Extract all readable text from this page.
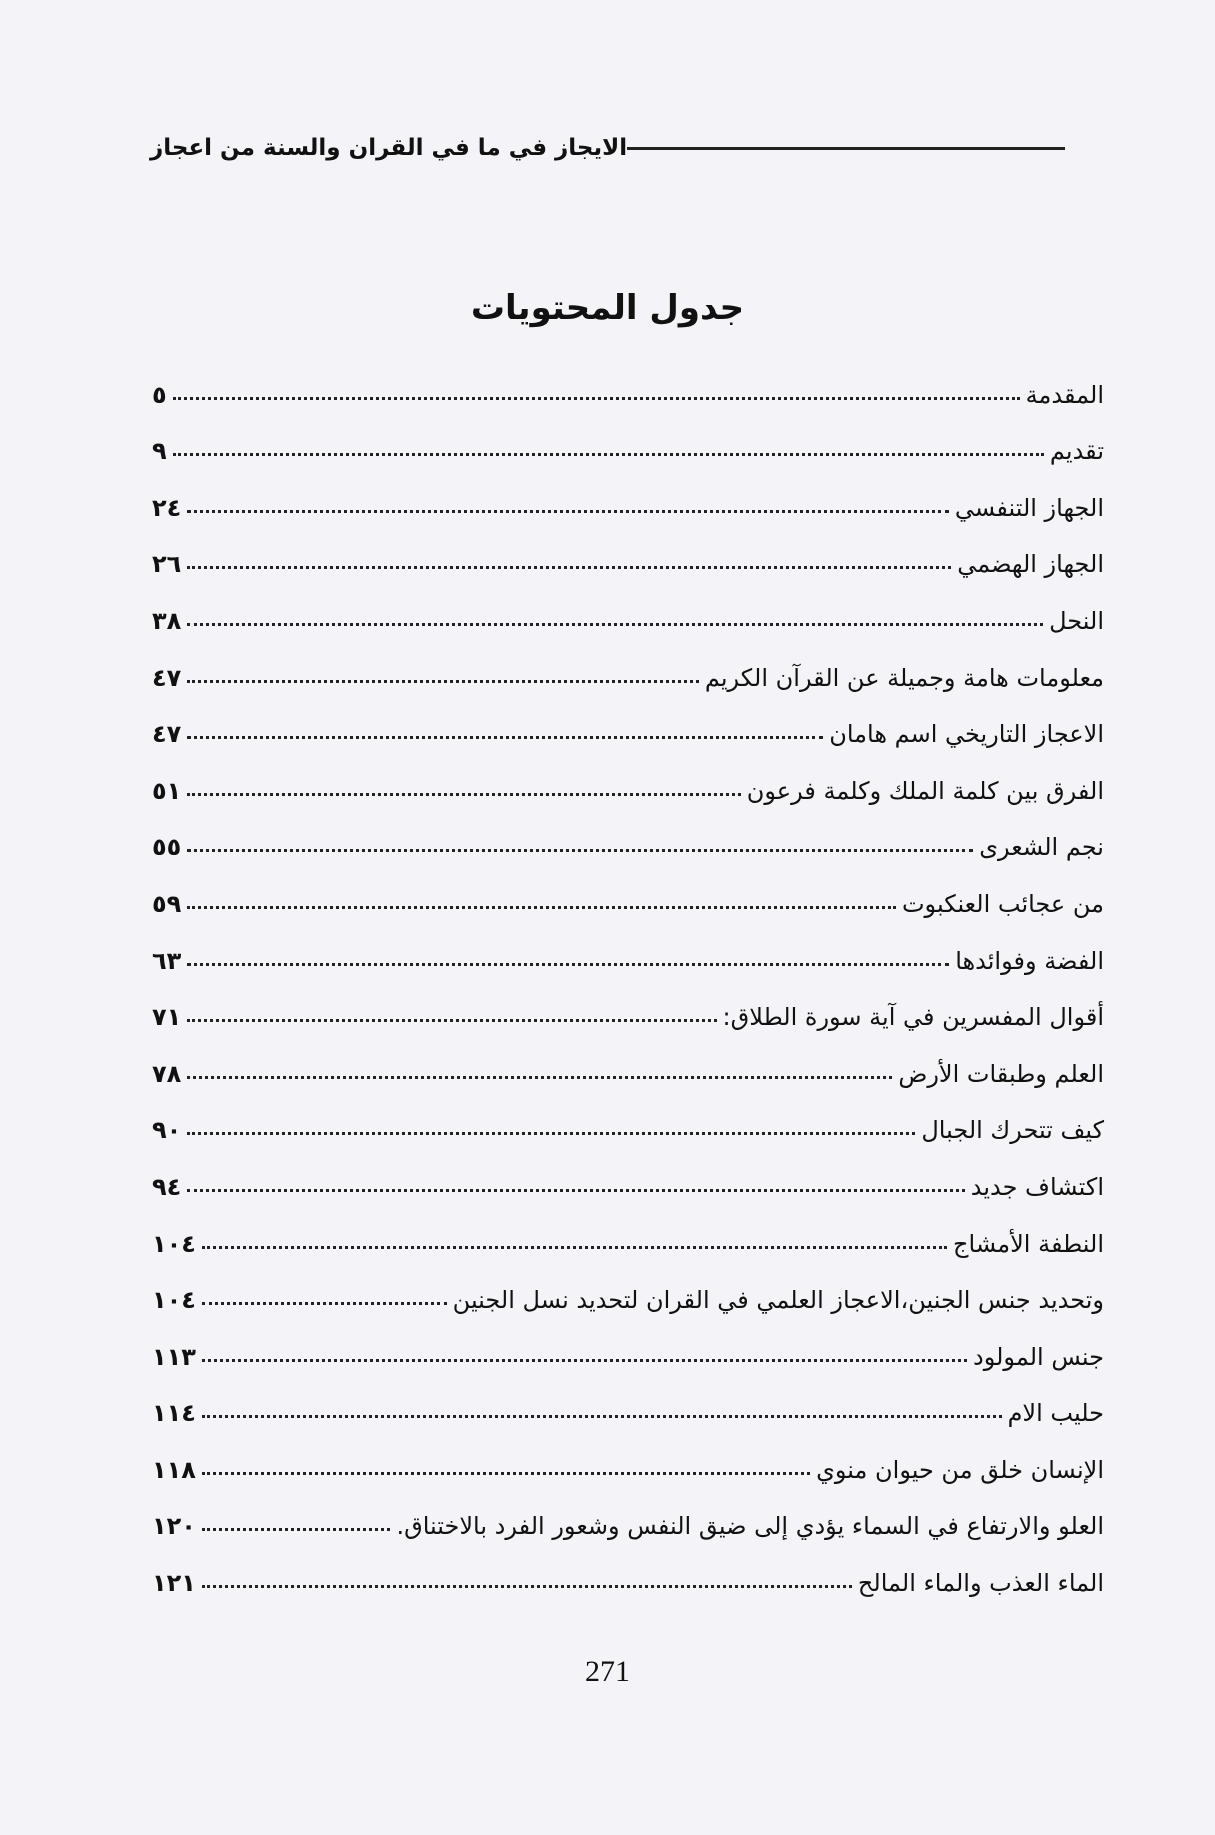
الايجاز في ما في القران والسنة من اعجاز
جدول المحتويات
المقدمة
٥
تقديم
٩
الجهاز التنفسي
٢٤
الجهاز الهضمي
٢٦
النحل
٣٨
معلومات هامة وجميلة عن القرآن الكريم
٤٧
الاعجاز التاريخي اسم هامان
٤٧
الفرق بين كلمة الملك وكلمة فرعون
٥١
نجم الشعرى
٥٥
من عجائب العنكبوت
٥٩
الفضة وفوائدها
٦٣
أقوال المفسرين في آية سورة الطلاق:
٧١
العلم وطبقات الأرض
٧٨
كيف تتحرك الجبال
٩٠
اكتشاف جديد
٩٤
النطفة الأمشاج
١٠٤
وتحديد جنس الجنين،الاعجاز العلمي في القران لتحديد نسل الجنين
١٠٤
جنس المولود
١١٣
حليب الام
١١٤
الإنسان خلق من حيوان منوي
١١٨
العلو والارتفاع في السماء يؤدي إلى ضيق النفس وشعور الفرد بالاختناق.
١٢٠
الماء العذب والماء المالح
١٢١
271
